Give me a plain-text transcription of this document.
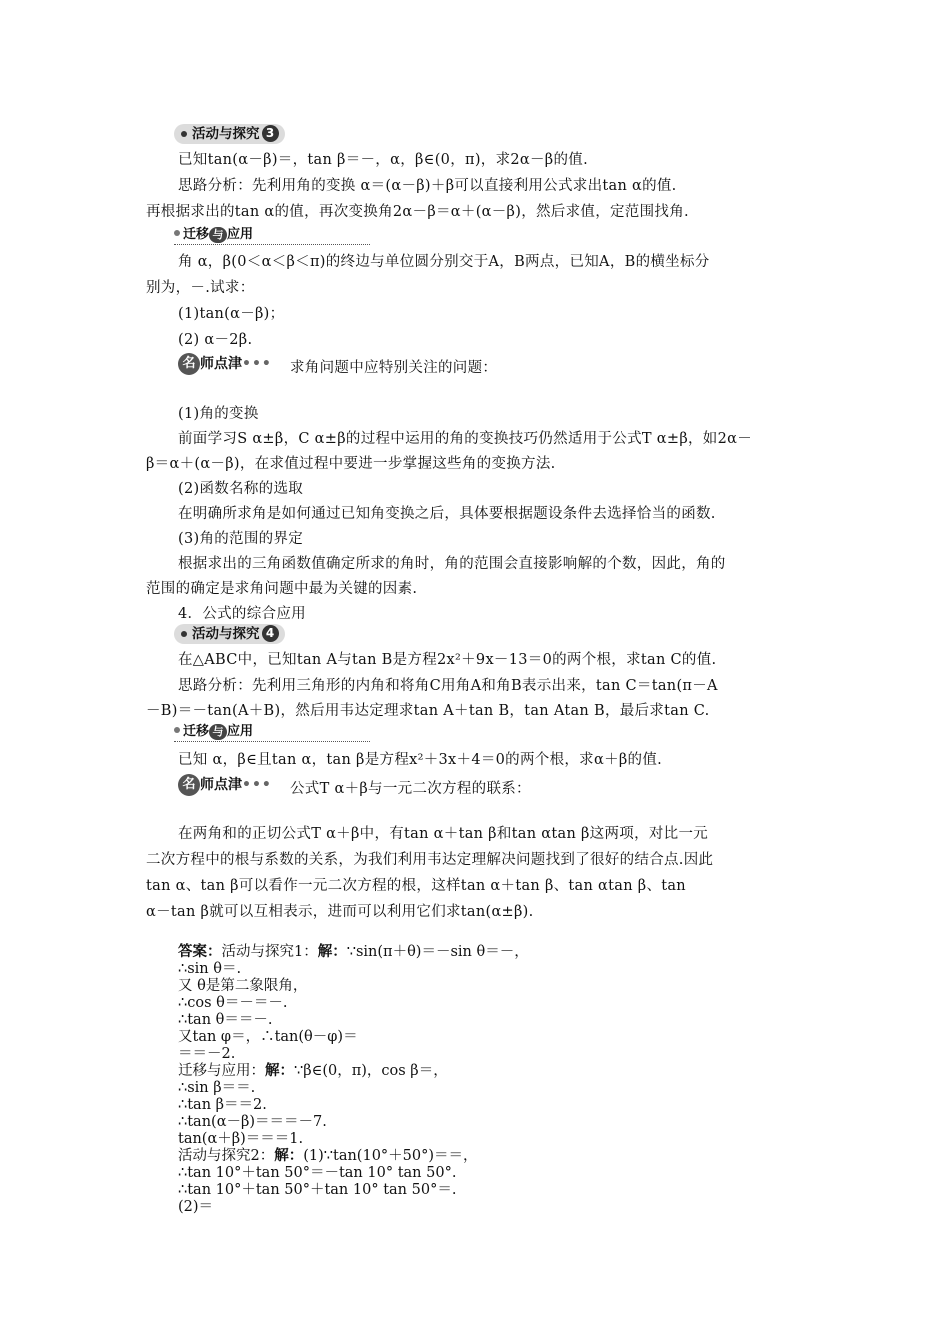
活动与探究 3
已知tan(α－β)＝，tan β＝－，α，β∈(0，π)，求2α－β的值.
思路分析：先利用角的变换 α＝(α－β)＋β可以直接利用公式求出tan α的值.
再根据求出的tan α的值，再次变换角2α－β＝α＋(α－β)，然后求值，定范围找角.
迁移 与 应用
角 α，β(0＜α＜β＜π)的终边与单位圆分别交于A，B两点，已知A，B的横坐标分
别为，－.试求：
(1)tan(α－β)；
(2) α－2β.
名 师点津••• 求角问题中应特别关注的问题：
(1)角的变换
前面学习S α±β，C α±β的过程中运用的角的变换技巧仍然适用于公式T α±β，如2α－
β＝α＋(α－β)，在求值过程中要进一步掌握这些角的变换方法.
(2)函数名称的选取
在明确所求角是如何通过已知角变换之后，具体要根据题设条件去选择恰当的函数.
(3)角的范围的界定
根据求出的三角函数值确定所求的角时，角的范围会直接影响解的个数，因此，角的
范围的确定是求角问题中最为关键的因素.
4．公式的综合应用
活动与探究 4
在△ABC中，已知tan A与tan B是方程2x²＋9x－13＝0的两个根，求tan C的值.
思路分析：先利用三角形的内角和将角C用角A和角B表示出来，tan C＝tan(π－A
－B)＝－tan(A＋B)，然后用韦达定理求tan A＋tan B，tan Atan B，最后求tan C.
迁移 与 应用
已知 α，β∈且tan α，tan β是方程x²＋3x＋4＝0的两个根，求α＋β的值.
名 师点津••• 公式T α＋β与一元二次方程的联系：
在两角和的正切公式T α＋β中，有tan α＋tan β和tan αtan β这两项，对比一元
二次方程中的根与系数的关系，为我们利用韦达定理解决问题找到了很好的结合点.因此
tan α、tan β可以看作一元二次方程的根，这样tan α＋tan β、tan αtan β、tan
α－tan β就可以互相表示，进而可以利用它们求tan(α±β).
答案：活动与探究1：解：∵sin(π＋θ)＝－sin θ＝－，
∴sin θ＝.
又 θ是第二象限角，
∴cos θ＝－＝－.
∴tan θ＝＝－.
又tan φ＝，∴tan(θ－φ)＝
＝＝－2.
迁移与应用：解：∵β∈(0，π)，cos β＝，
∴sin β＝＝.
∴tan β＝＝2.
∴tan(α－β)＝＝＝－7.
tan(α＋β)＝＝＝1.
活动与探究2：解：(1)∵tan(10°＋50°)＝＝，
∴tan 10°＋tan 50°＝－tan 10° tan 50°.
∴tan 10°＋tan 50°＋tan 10° tan 50°＝.
(2)＝
